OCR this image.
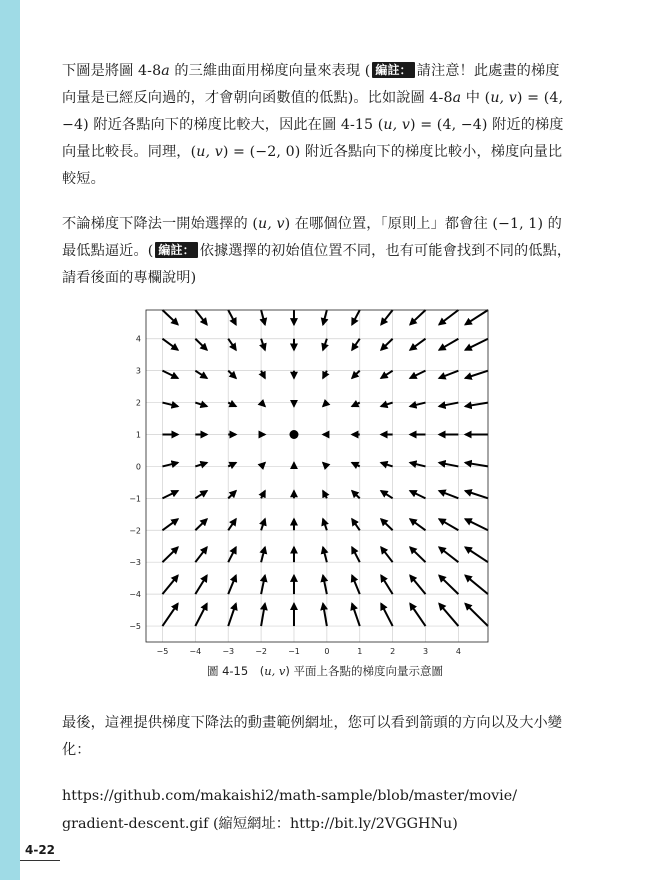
下圖是將圖 4-8a 的三維曲面用梯度向量來表現 ( 編註： 請注意！此處畫的梯度向量是已經反向過的，才會朝向函數值的低點)。比如說圖 4-8a 中 (u, v) = (4, −4) 附近各點向下的梯度比較大，因此在圖 4-15 (u, v) = (4, −4) 附近的梯度向量比較長。同理，(u, v) = (−2, 0) 附近各點向下的梯度比較小，梯度向量比較短。

不論梯度下降法一開始選擇的 (u, v) 在哪個位置，「原則上」都會往 (−1, 1) 的最低點逼近。( 編註： 依據選擇的初始值位置不同，也有可能會找到不同的低點，請看後面的專欄說明)

−5
−5
−4
−4
−3
−3
−2
−2
−1
−1
0
0
1
1
2
2
3
3
4
4
圖 4-15　(u, v) 平面上各點的梯度向量示意圖

最後，這裡提供梯度下降法的動畫範例網址，您可以看到箭頭的方向以及大小變化：

https://github.com/makaishi2/math-sample/blob/master/movie/

gradient-descent.gif (縮短網址：http://bit.ly/2VGGHNu)

4-22
